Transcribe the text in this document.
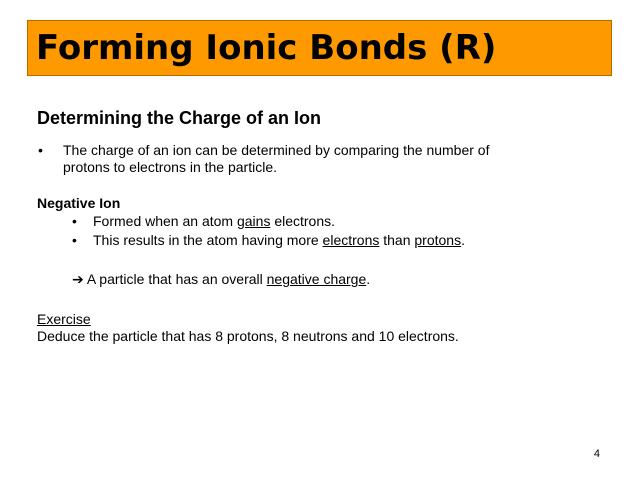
Forming Ionic Bonds (R)
Determining the Charge of an Ion
• The charge of an ion can be determined by comparing the number of
protons to electrons in the particle.
Negative Ion
• Formed when an atom gains electrons.
• This results in the atom having more electrons than protons.
➔ A particle that has an overall negative charge.
Exercise
Deduce the particle that has 8 protons, 8 neutrons and 10 electrons.
4
